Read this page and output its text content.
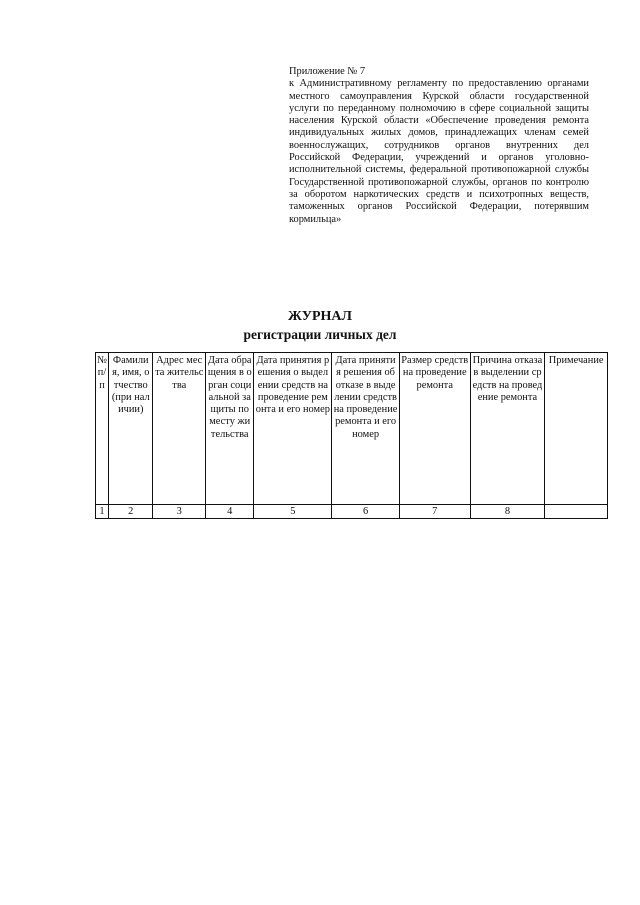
Приложение № 7

к Административному регламенту по предоставлению органами местного самоуправления Курской области государственной услуги по переданному полномочию в сфере социальной защиты населения Курской области «Обеспечение проведения ремонта индивидуальных жилых домов, принадлежащих членам семей военнослужащих, сотрудников органов внутренних дел Российской Федерации, учреждений и органов уголовно-исполнительной системы, федеральной противопожарной службы Государственной противопожарной службы, органов по контролю за оборотом наркотических средств и психотропных веществ, таможенных органов Российской Федерации, потерявшим кормильца»

ЖУРНАЛ
регистрации личных дел
№ п/п	Фамилия, имя, отчество (при наличии)	Адрес места жительства	Дата обращения в орган социальной защиты по месту жительства	Дата принятия решения о выделении средств на проведение ремонта и его номер	Дата принятия решения об отказе в выделении средств на проведение ремонта и его номер	Размер средств на проведение ремонта	Причина отказа в выделении средств на проведение ремонта	Примечание
1	2	3	4	5	6	7	8	
